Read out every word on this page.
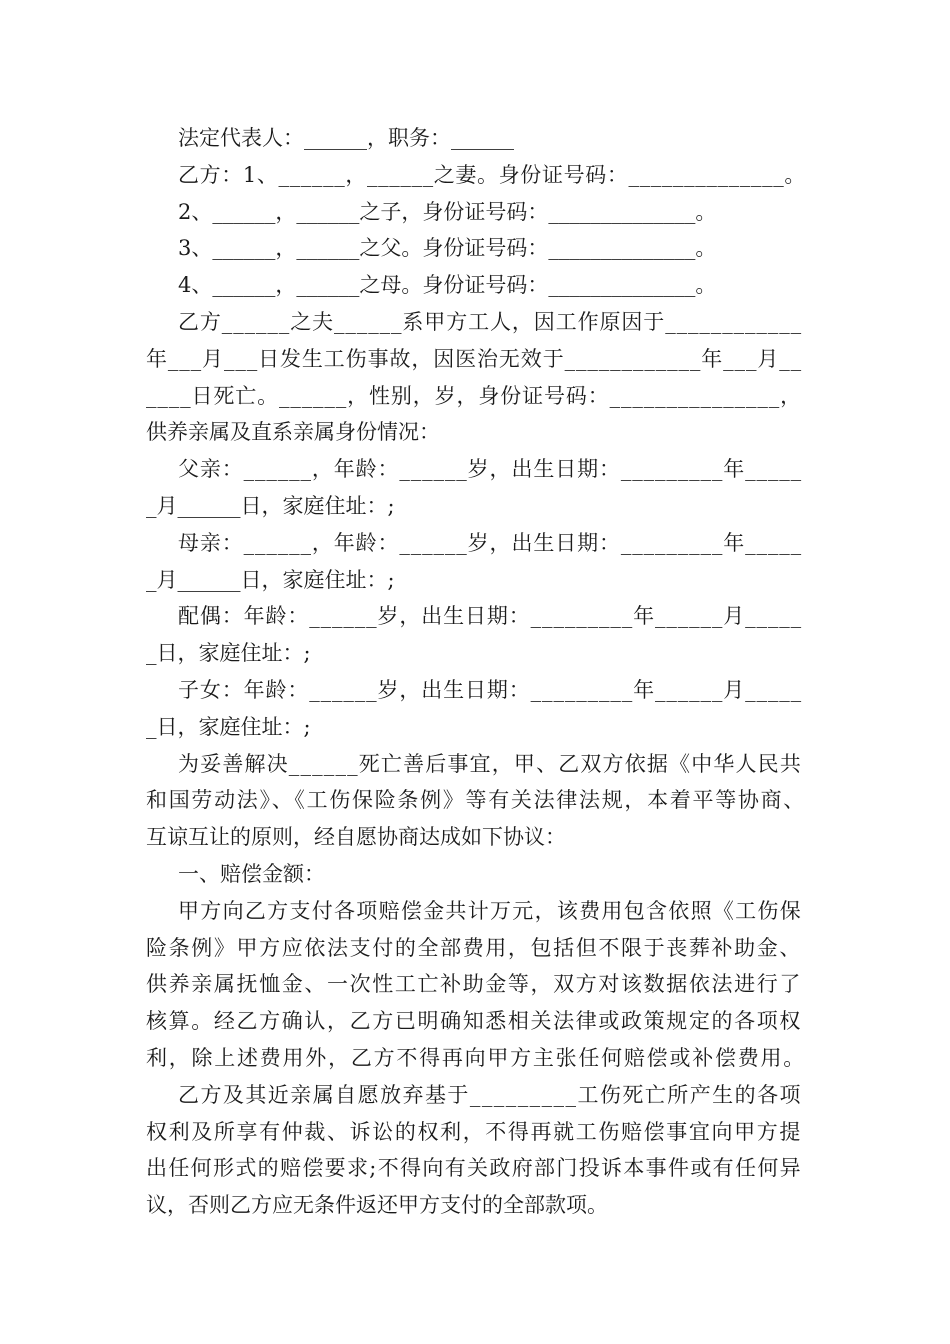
法定代表人：______，职务：______

乙方：1、______，______之妻。身份证号码：______________。

2、______，______之子，身份证号码：______________。

3、______，______之父。身份证号码：______________。

4、______，______之母。身份证号码：______________。

乙方______之夫______系甲方工人，因工作原因于____________

年___月___日发生工伤事故，因医治无效于____________年___月__

____日死亡。______，性别，岁，身份证号码：_______________，

供养亲属及直系亲属身份情况：

父亲：______，年龄：______岁，出生日期：_________年_____

_月______日，家庭住址：;

母亲：______，年龄：______岁，出生日期：_________年_____

_月______日，家庭住址：;

配偶：年龄：______岁，出生日期：_________年______月_____

_日，家庭住址：;

子女：年龄：______岁，出生日期：_________年______月_____

_日，家庭住址：;

为妥善解决______死亡善后事宜，甲、乙双方依据《中华人民共

和国劳动法》、《工伤保险条例》等有关法律法规，本着平等协商、

互谅互让的原则，经自愿协商达成如下协议：

一、赔偿金额：

甲方向乙方支付各项赔偿金共计万元，该费用包含依照《工伤保

险条例》甲方应依法支付的全部费用，包括但不限于丧葬补助金、

供养亲属抚恤金、一次性工亡补助金等，双方对该数据依法进行了

核算。经乙方确认，乙方已明确知悉相关法律或政策规定的各项权

利，除上述费用外，乙方不得再向甲方主张任何赔偿或补偿费用。

乙方及其近亲属自愿放弃基于_________工伤死亡所产生的各项

权利及所享有仲裁、诉讼的权利，不得再就工伤赔偿事宜向甲方提

出任何形式的赔偿要求;不得向有关政府部门投诉本事件或有任何异

议，否则乙方应无条件返还甲方支付的全部款项。
